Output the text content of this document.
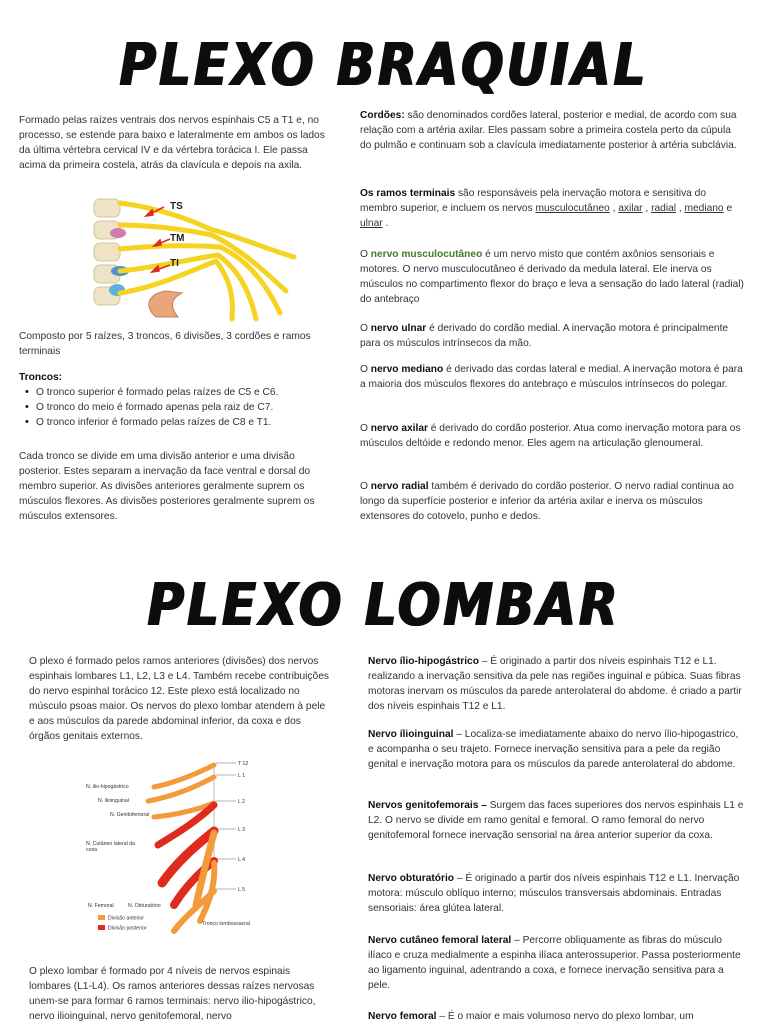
PLEXO BRAQUIAL
Formado pelas raízes ventrais dos nervos espinhais C5 a T1 e, no processo, se estende para baixo e lateralmente em ambos os lados da última vértebra cervical IV e da vértebra torácica I. Ele passa acima da primeira costela, atrás da clavícula e depois na axila.
TS
TM
TI
Composto por 5 raízes, 3 troncos, 6 divisões, 3 cordões e ramos terminais
Troncos:
• O tronco superior é formado pelas raízes de C5 e C6.
• O tronco do meio é formado apenas pela raiz de C7.
• O tronco inferior é formado pelas raízes de C8 e T1.
Cada tronco se divide em uma divisão anterior e uma divisão posterior. Estes separam a inervação da face ventral e dorsal do membro superior. As divisões anteriores geralmente suprem os músculos flexores. As divisões posteriores geralmente suprem os músculos extensores.
Cordões: são denominados cordões lateral, posterior e medial, de acordo com sua relação com a artéria axilar. Eles passam sobre a primeira costela perto da cúpula do pulmão e continuam sob a clavícula imediatamente posterior à artéria subclávia.
Os ramos terminais são responsáveis pela inervação motora e sensitiva do membro superior, e incluem os nervos musculocutâneo , axilar , radial , mediano e ulnar .
O nervo musculocutâneo é um nervo misto que contém axônios sensoriais e motores. O nervo musculocutâneo é derivado da medula lateral. Ele inerva os músculos no compartimento flexor do braço e leva a sensação do lado lateral (radial) do antebraço
O nervo ulnar é derivado do cordão medial. A inervação motora é principalmente para os músculos intrínsecos da mão.
O nervo mediano é derivado das cordas lateral e medial. A inervação motora é para a maioria dos músculos flexores do antebraço e músculos intrínsecos do polegar.
O nervo axilar é derivado do cordão posterior. Atua como inervação motora para os músculos deltóide e redondo menor. Eles agem na articulação glenoumeral.
O nervo radial também é derivado do cordão posterior. O nervo radial continua ao longo da superfície posterior e inferior da artéria axilar e inerva os músculos extensores do cotovelo, punho e dedos.
PLEXO LOMBAR
O plexo é formado pelos ramos anteriores (divisões) dos nervos espinhais lombares L1, L2, L3 e L4. Também recebe contribuições do nervo espinhal torácico 12. Este plexo está localizado no músculo psoas maior. Os nervos do plexo lombar atendem à pele e aos músculos da parede abdominal inferior, da coxa e dos órgãos genitais externos.
T 12
L 1
L 2
L 3
L 4
L 5
N. ilio-hipogástrico
N. ilioinguinal
N. Genitofemoral
N. Cutâneo lateral da coxa
N. Femoral	N. Obturatório
Tronco lombossacral
Divisão anterior
Divisão posterior
O plexo lombar é formado por 4 níveis de nervos espinais lombares (L1-L4). Os ramos anteriores dessas raízes nervosas unem-se para formar 6 ramos terminais: nervo ilio-hipogástrico, nervo ilioinguinal, nervo genitofemoral, nervo
Nervo ílio-hipogástrico – É originado a partir dos níveis espinhais T12 e L1. realizando a inervação sensitiva da pele nas regiões inguinal e púbica. Suas fibras motoras inervam os músculos da parede anterolateral do abdome. é criado a partir dos níveis espinhais T12 e L1.
Nervo ílioinguinal – Localiza-se imediatamente abaixo do nervo ílio-hipogastrico, e acompanha o seu trajeto. Fornece inervação sensitiva para a pele da região genital e inervação motora para os músculos da parede anterolateral do abdome.
Nervos genitofemorais – Surgem das faces superiores dos nervos espinhais L1 e L2. O nervo se divide em ramo genital e femoral. O ramo femoral do nervo genitofemoral fornece inervação sensorial na área anterior superior da coxa.
Nervo obturatório – É originado a partir dos níveis espinhais T12 e L1. Inervação motora: músculo oblíquo interno; músculos transversais abdominais. Entradas sensoriais: área glútea lateral.
Nervo cutâneo femoral lateral – Percorre obliquamente as fibras do músculo ilíaco e cruza medialmente a espinha ilíaca anterossuperior. Passa posteriormente ao ligamento inguinal, adentrando a coxa, e fornece inervação sensitiva para a pele.
Nervo femoral – É o maior e mais volumoso nervo do plexo lombar, um
